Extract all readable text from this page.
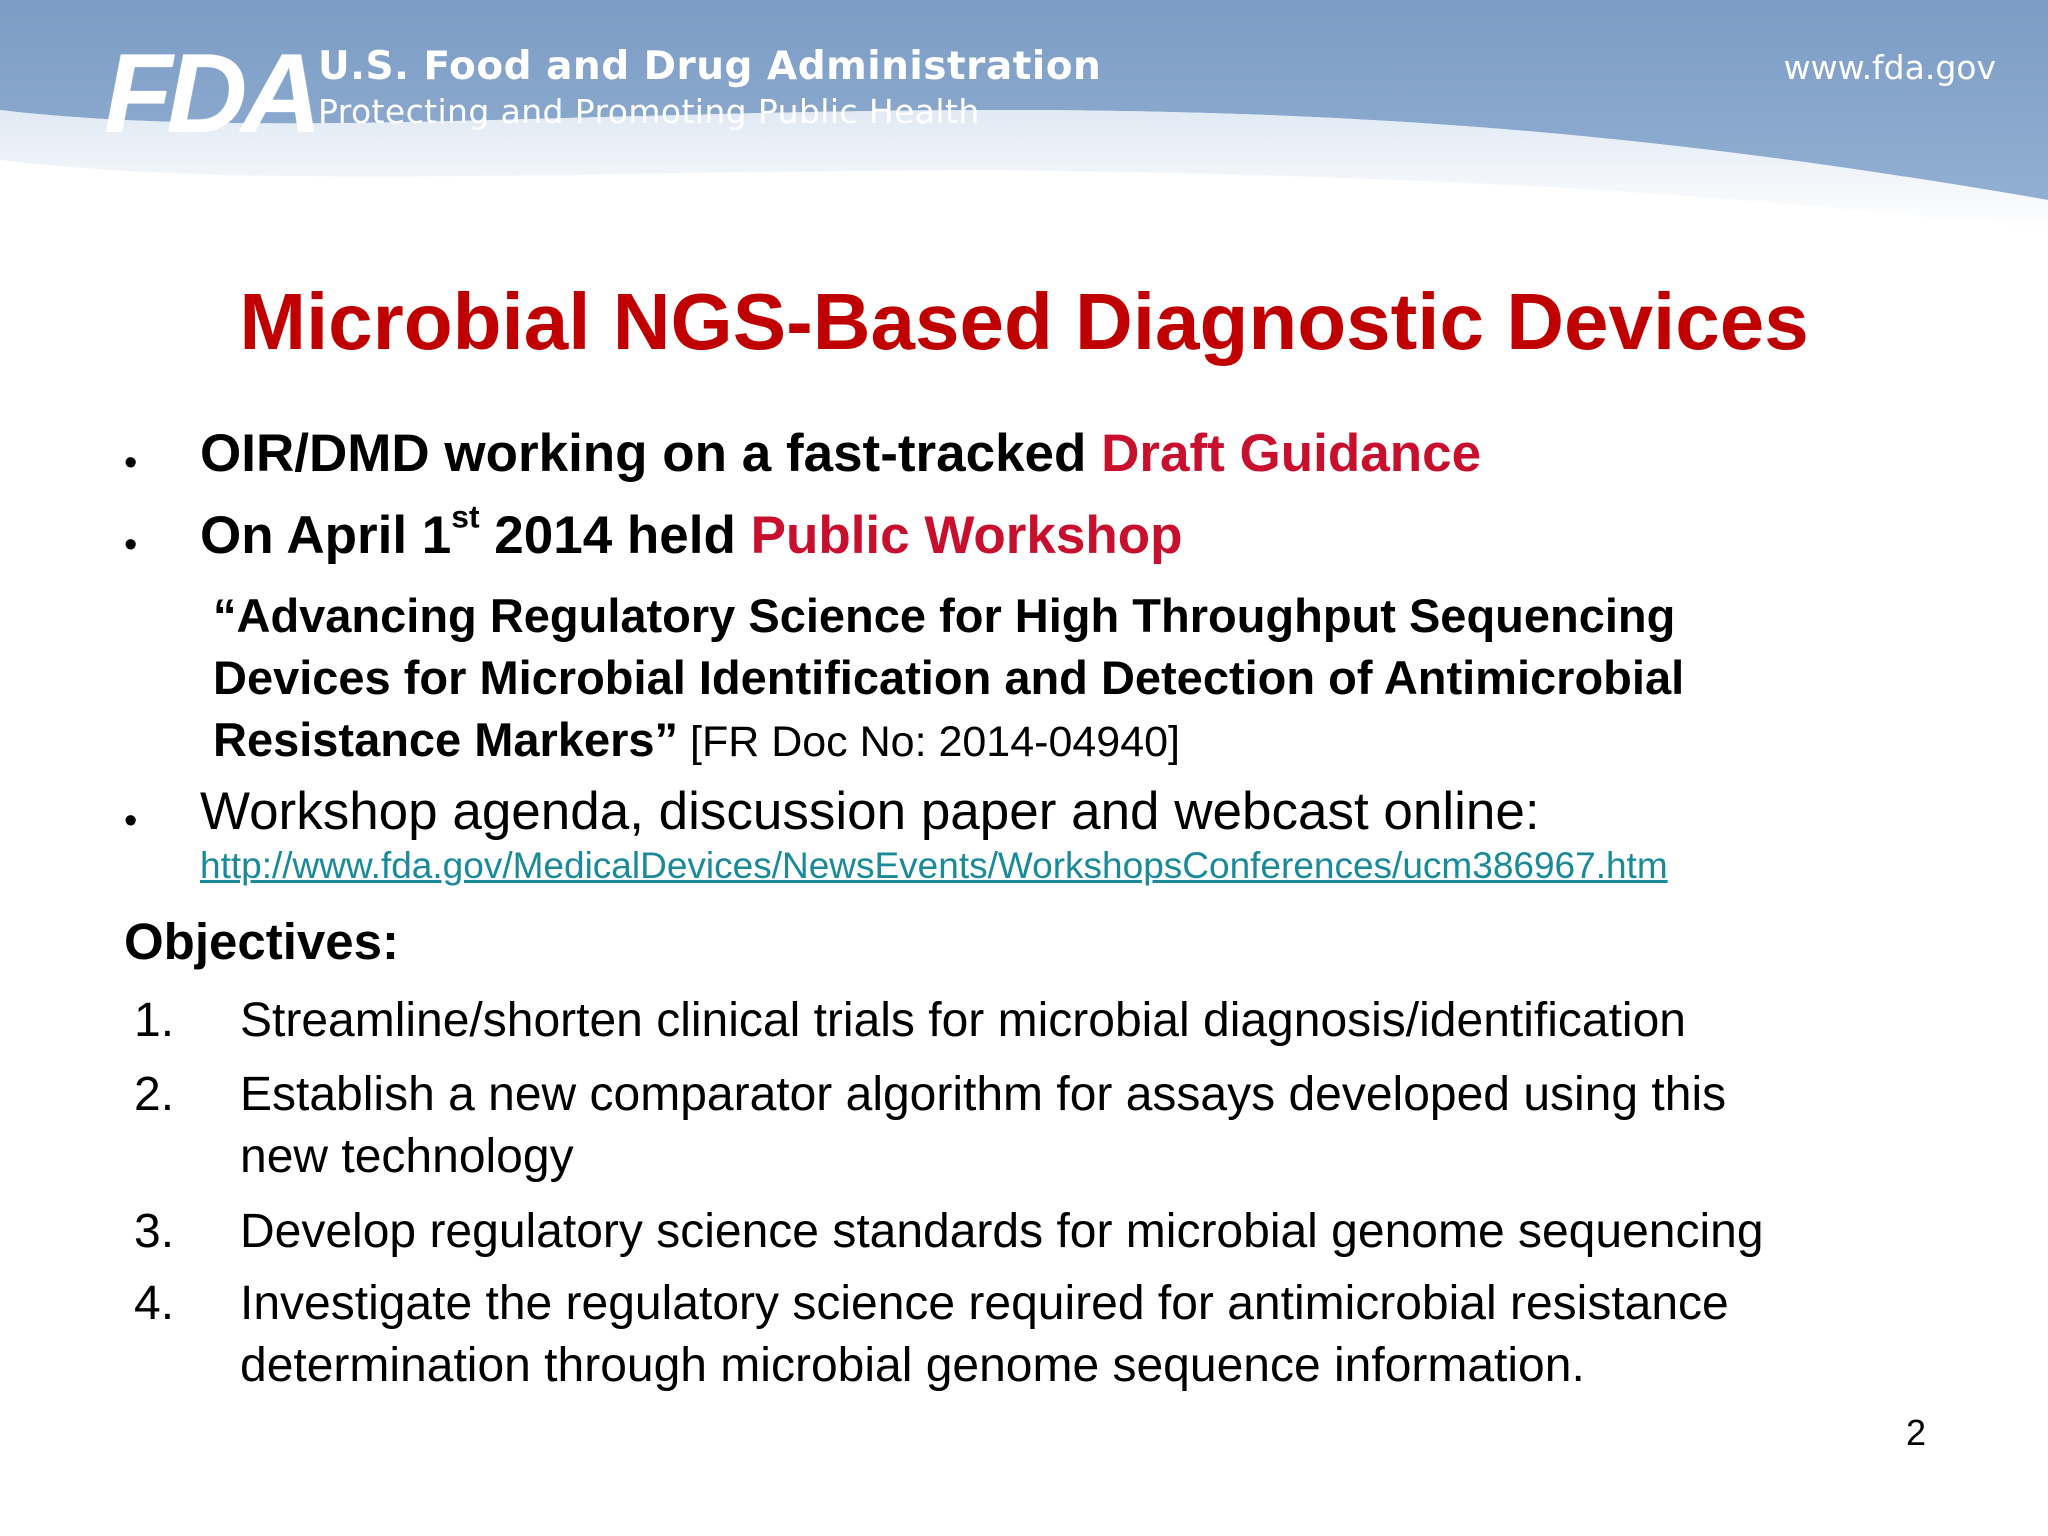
FDA U.S. Food and Drug Administration
Protecting and Promoting Public Health
www.fda.gov
Microbial NGS-Based Diagnostic Devices
• OIR/DMD working on a fast-tracked Draft Guidance
• On April 1st 2014 held Public Workshop
“Advancing Regulatory Science for High Throughput Sequencing
Devices for Microbial Identification and Detection of Antimicrobial
Resistance Markers” [FR Doc No: 2014-04940]
• Workshop agenda, discussion paper and webcast online:
http://www.fda.gov/MedicalDevices/NewsEvents/WorkshopsConferences/ucm386967.htm
Objectives:
1. Streamline/shorten clinical trials for microbial diagnosis/identification
2. Establish a new comparator algorithm for assays developed using this
new technology
3. Develop regulatory science standards for microbial genome sequencing
4. Investigate the regulatory science required for antimicrobial resistance
determination through microbial genome sequence information.
2
